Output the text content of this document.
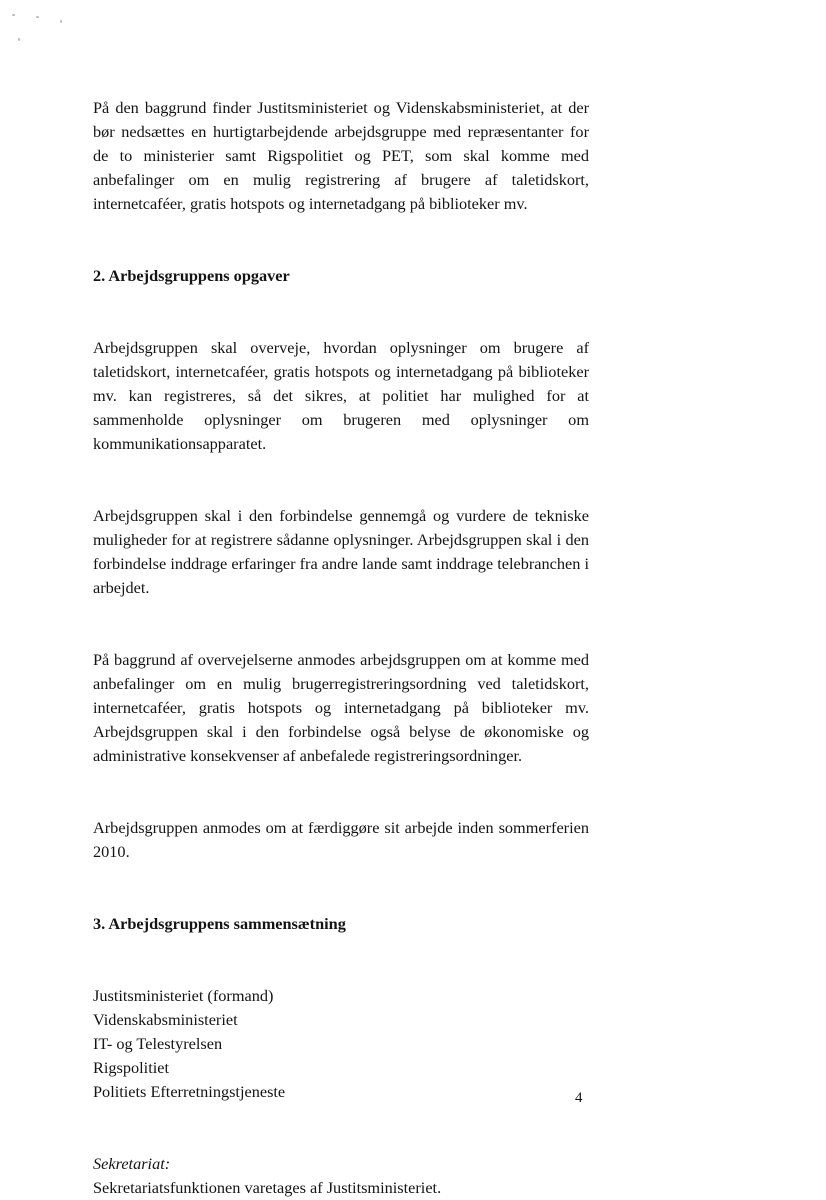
På den baggrund finder Justitsministeriet og Videnskabsministeriet, at der bør nedsættes en hurtigtarbejdende arbejdsgruppe med repræsentanter for de to ministerier samt Rigspolitiet og PET, som skal komme med anbefalinger om en mulig registrering af brugere af taletidskort, internetcaféer, gratis hotspots og internetadgang på biblioteker mv.

2. Arbejdsgruppens opgaver

Arbejdsgruppen skal overveje, hvordan oplysninger om brugere af taletidskort, internetcaféer, gratis hotspots og internetadgang på biblioteker mv. kan registreres, så det sikres, at politiet har mulighed for at sammenholde oplysninger om brugeren med oplysninger om kommunikationsapparatet.

Arbejdsgruppen skal i den forbindelse gennemgå og vurdere de tekniske muligheder for at registrere sådanne oplysninger. Arbejdsgruppen skal i den forbindelse inddrage erfaringer fra andre lande samt inddrage telebranchen i arbejdet.

På baggrund af overvejelserne anmodes arbejdsgruppen om at komme med anbefalinger om en mulig brugerregistreringsordning ved taletidskort, internetcaféer, gratis hotspots og internetadgang på biblioteker mv. Arbejdsgruppen skal i den forbindelse også belyse de økonomiske og administrative konsekvenser af anbefalede registreringsordninger.

Arbejdsgruppen anmodes om at færdiggøre sit arbejde inden sommerferien 2010.

3. Arbejdsgruppens sammensætning

Justitsministeriet (formand)

Videnskabsministeriet

IT- og Telestyrelsen

Rigspolitiet

Politiets Efterretningstjeneste

Sekretariat:

Sekretariatsfunktionen varetages af Justitsministeriet.

4
